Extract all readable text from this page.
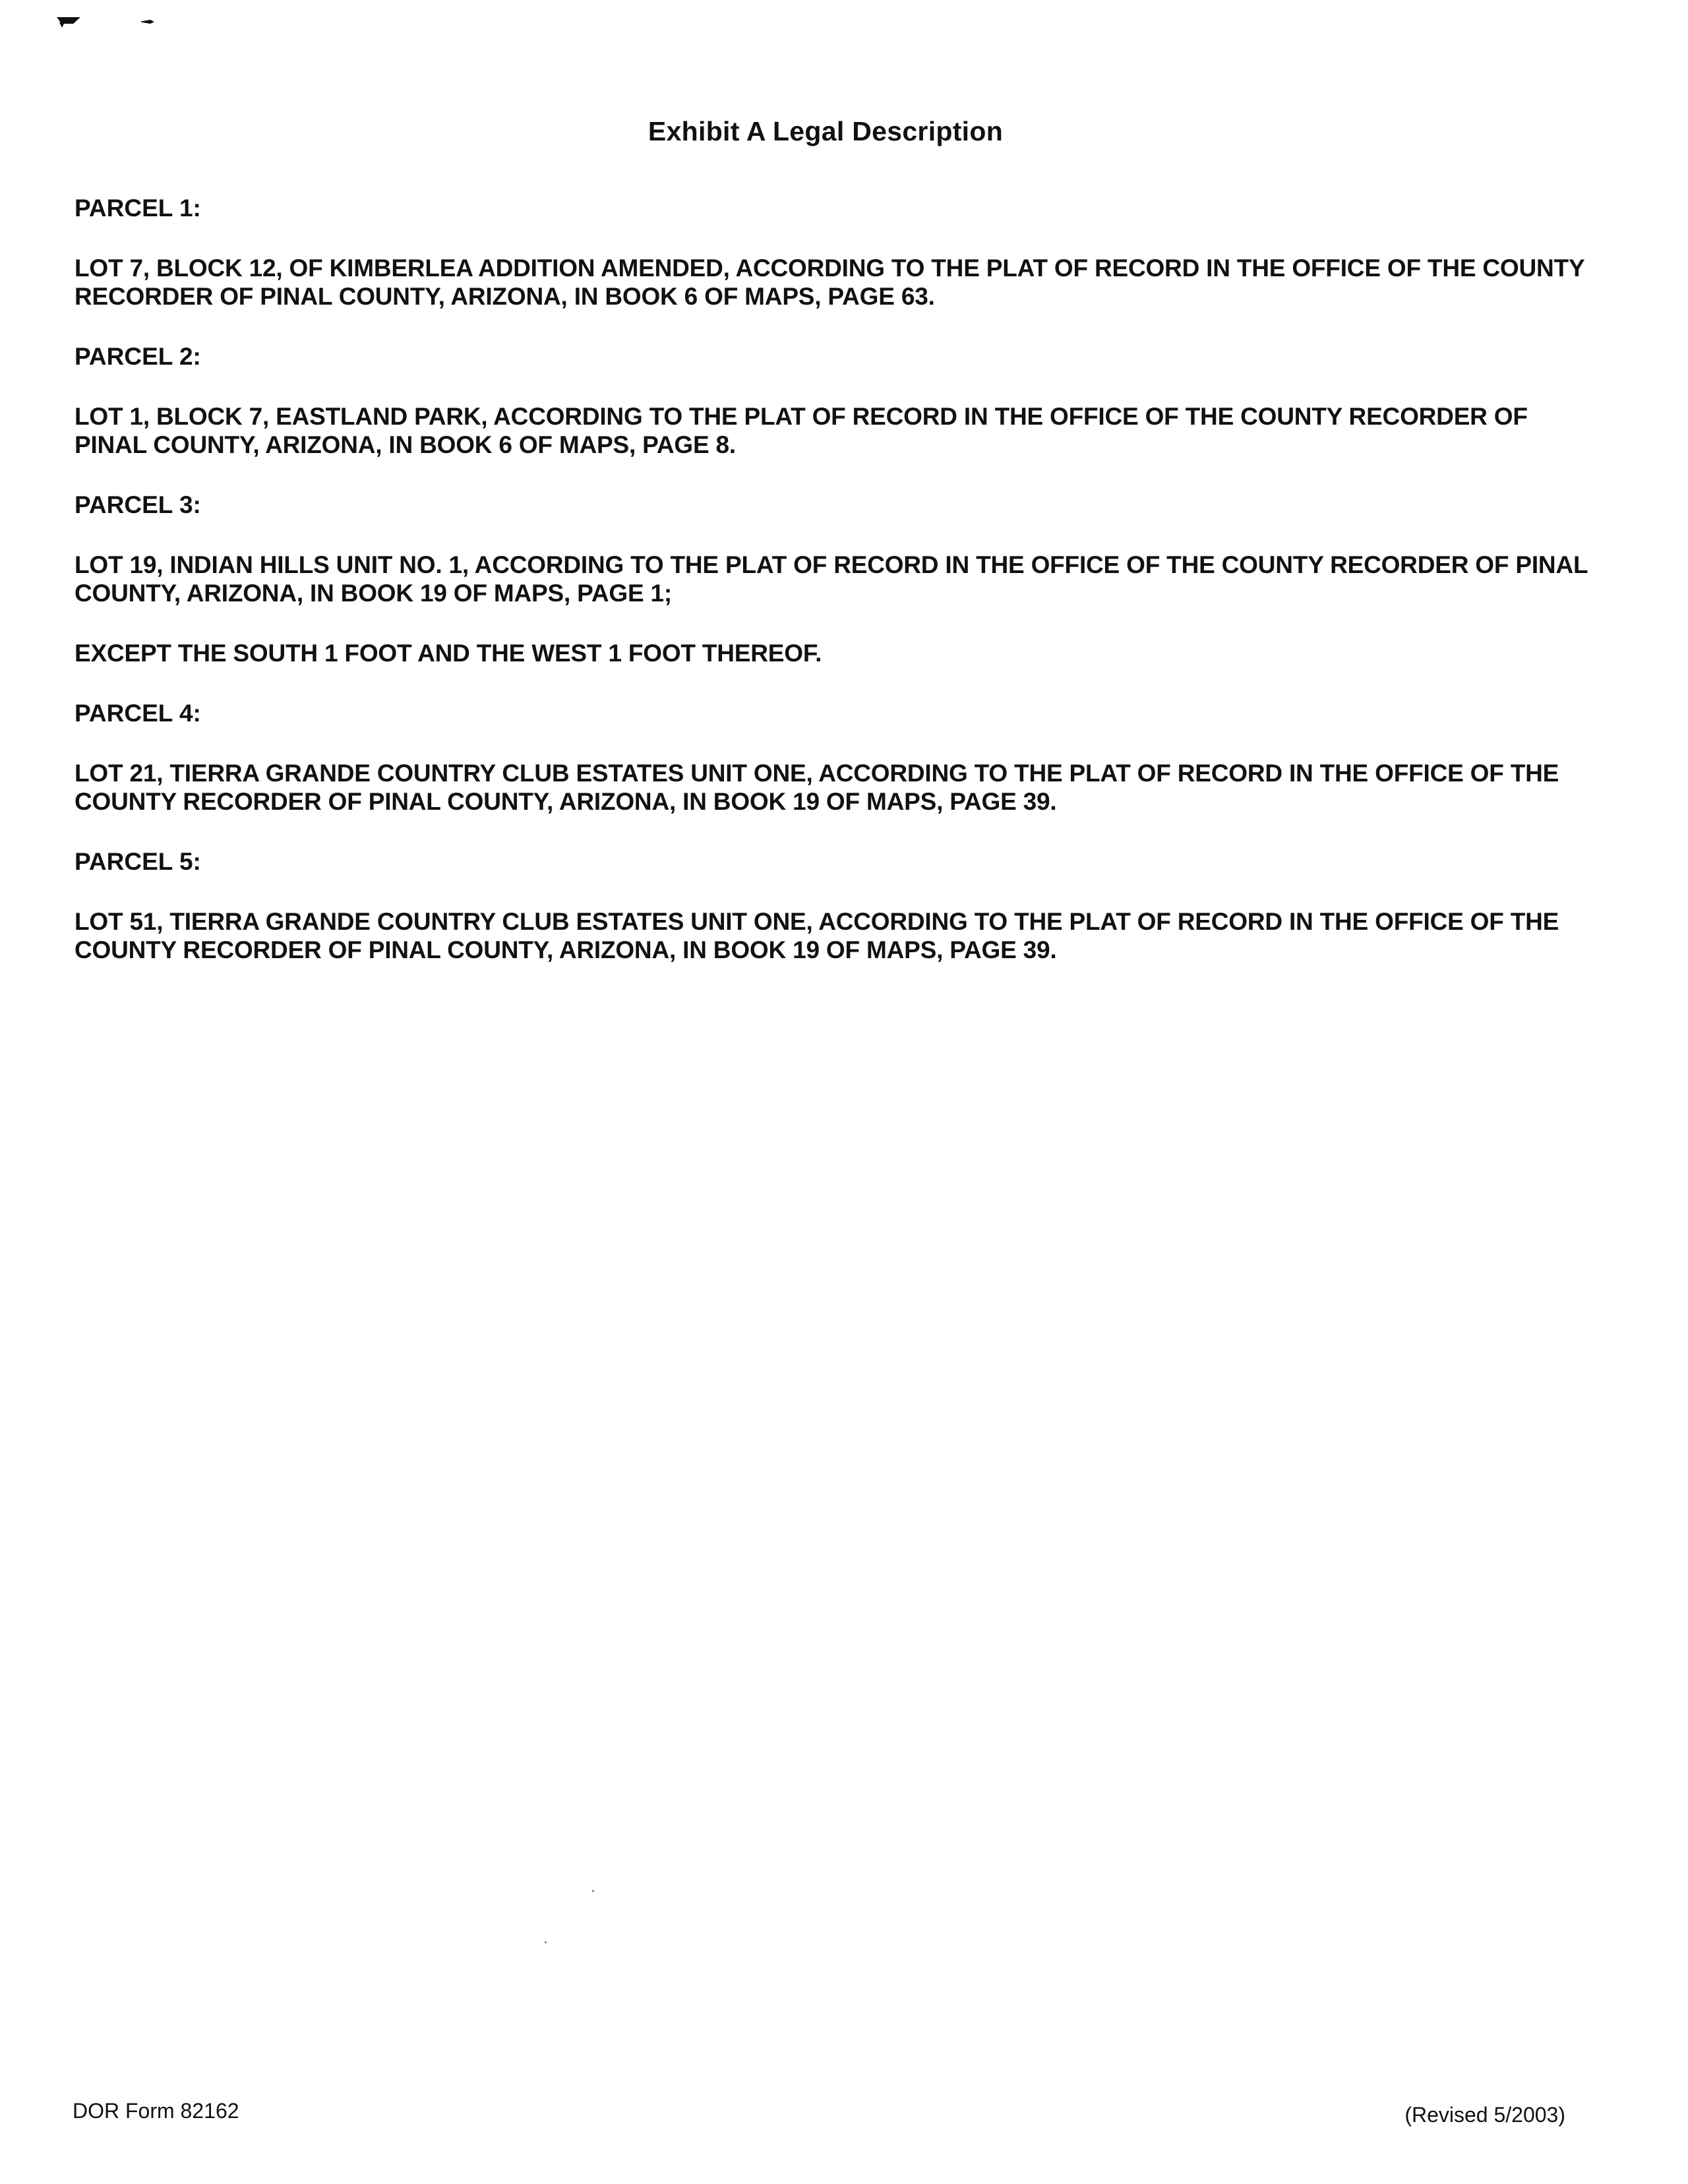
Exhibit A Legal Description

PARCEL 1:

LOT 7, BLOCK 12, OF KIMBERLEA ADDITION AMENDED, ACCORDING TO THE PLAT OF RECORD IN THE OFFICE OF THE COUNTY RECORDER OF PINAL COUNTY, ARIZONA, IN BOOK 6 OF MAPS, PAGE 63.

PARCEL 2:

LOT 1, BLOCK 7, EASTLAND PARK, ACCORDING TO THE PLAT OF RECORD IN THE OFFICE OF THE COUNTY RECORDER OF PINAL COUNTY, ARIZONA, IN BOOK 6 OF MAPS, PAGE 8.

PARCEL 3:

LOT 19, INDIAN HILLS UNIT NO. 1, ACCORDING TO THE PLAT OF RECORD IN THE OFFICE OF THE COUNTY RECORDER OF PINAL COUNTY, ARIZONA, IN BOOK 19 OF MAPS, PAGE 1;

EXCEPT THE SOUTH 1 FOOT AND THE WEST 1 FOOT THEREOF.

PARCEL 4:

LOT 21, TIERRA GRANDE COUNTRY CLUB ESTATES UNIT ONE, ACCORDING TO THE PLAT OF RECORD IN THE OFFICE OF THE COUNTY RECORDER OF PINAL COUNTY, ARIZONA, IN BOOK 19 OF MAPS, PAGE 39.

PARCEL 5:

LOT 51, TIERRA GRANDE COUNTRY CLUB ESTATES UNIT ONE, ACCORDING TO THE PLAT OF RECORD IN THE OFFICE OF THE COUNTY RECORDER OF PINAL COUNTY, ARIZONA, IN BOOK 19 OF MAPS, PAGE 39.

DOR Form 82162	(Revised 5/2003)
